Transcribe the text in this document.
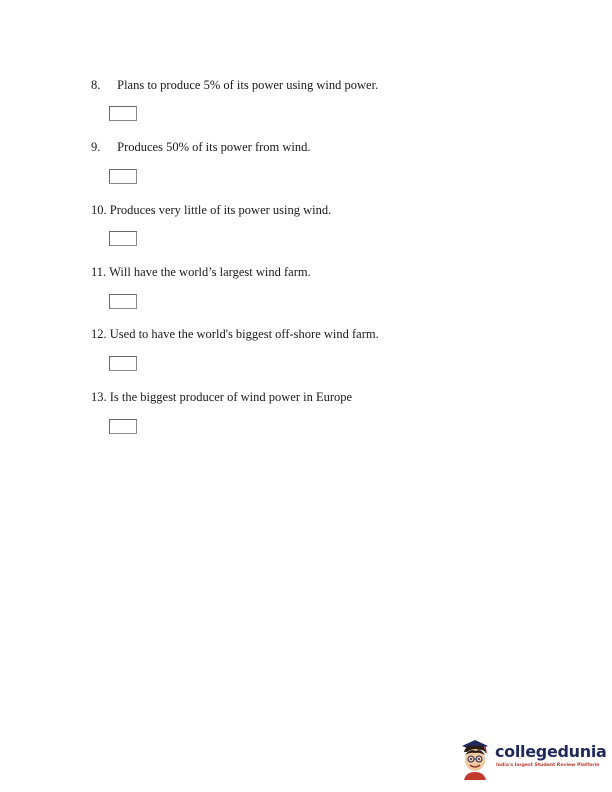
8. Plans to produce 5% of its power using wind power.
9. Produces 50% of its power from wind.
10. Produces very little of its power using wind.
11. Will have the world’s largest wind farm.
12. Used to have the world's biggest off-shore wind farm.
13. Is the biggest producer of wind power in Europe
collegedunia
India's largest Student Review Platform
